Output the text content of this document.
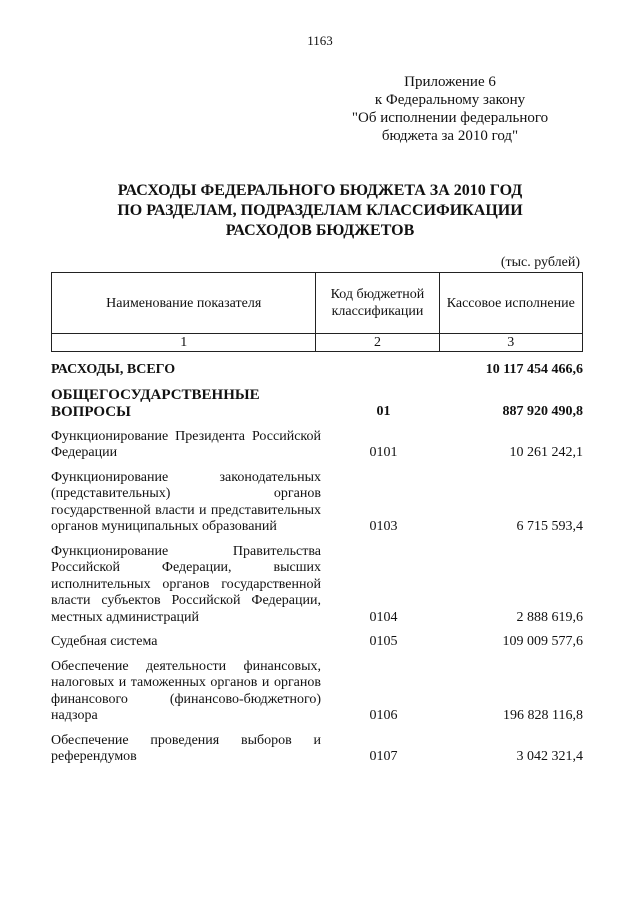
1163
Приложение 6
к Федеральному закону
"Об исполнении федерального
бюджета за 2010 год"
РАСХОДЫ ФЕДЕРАЛЬНОГО БЮДЖЕТА ЗА 2010 ГОД
ПО РАЗДЕЛАМ, ПОДРАЗДЕЛАМ КЛАССИФИКАЦИИ
РАСХОДОВ БЮДЖЕТОВ
(тыс. рублей)
Наименование показателя	Код бюджетной классификации	Кассовое исполнение
1	2	3
РАСХОДЫ, ВСЕГО		10 117 454 466,6
ОБЩЕГОСУДАРСТВЕННЫЕ ВОПРОСЫ	01	887 920 490,8
Функционирование Президента Российской Федерации	0101	10 261 242,1
Функционирование законодательных (представительных) органов государственной власти и представительных органов муниципальных образований	0103	6 715 593,4
Функционирование Правительства Российской Федерации, высших исполнительных органов государственной власти субъектов Российской Федерации, местных администраций	0104	2 888 619,6
Судебная система	0105	109 009 577,6
Обеспечение деятельности финансовых, налоговых и таможенных органов и органов финансового (финансово-бюджетного) надзора	0106	196 828 116,8
Обеспечение проведения выборов и референдумов	0107	3 042 321,4
